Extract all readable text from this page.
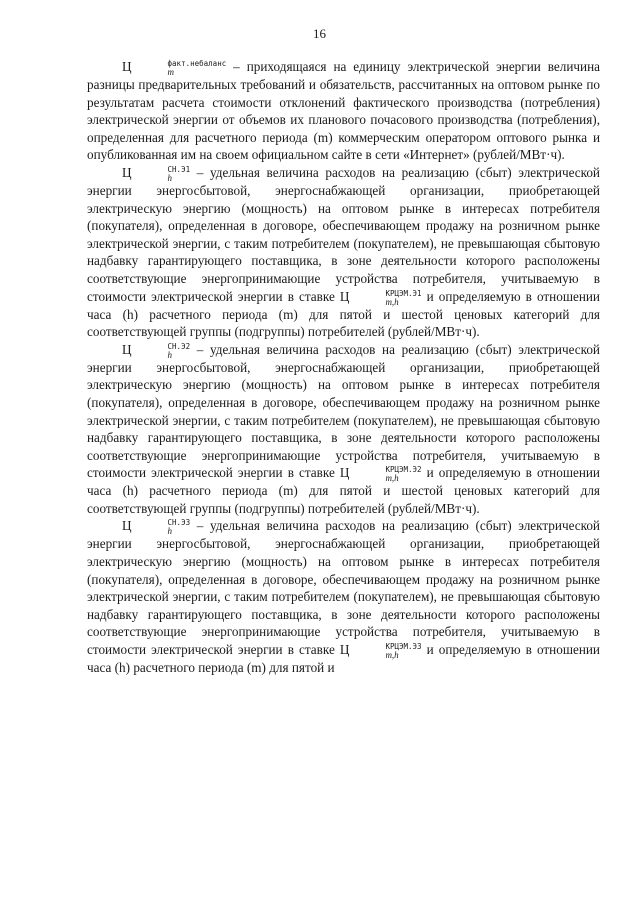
16

Ц	факт.небаланс
m	– приходящаяся на единицу электрической энергии величина разницы предварительных требований и обязательств, рассчитанных на оптовом рынке по результатам расчета стоимости отклонений фактического производства (потребления) электрической энергии от объемов их планового почасового производства (потребления), определенная для расчетного периода (m) коммерческим оператором оптового рынка и опубликованная им на своем официальном сайте в сети «Интернет» (рублей/МВт·ч).

Ц	СН.Э1
h	– удельная величина расходов на реализацию (сбыт) электрической энергии энергосбытовой, энергоснабжающей организации, приобретающей электрическую энергию (мощность) на оптовом рынке в интересах потребителя (покупателя), определенная в договоре, обеспечивающем продажу на розничном рынке электрической энергии, с таким потребителем (покупателем), не превышающая сбытовую надбавку гарантирующего поставщика, в зоне деятельности которого расположены соответствующие энергопринимающие устройства потребителя, учитываемую в стоимости электрической энергии в ставке Ц	КРЦЭМ.Э1
m,h	и определяемую в отношении часа (h) расчетного периода (m) для пятой и шестой ценовых категорий для соответствующей группы (подгруппы) потребителей (рублей/МВт·ч).

Ц	СН.Э2
h	– удельная величина расходов на реализацию (сбыт) электрической энергии энергосбытовой, энергоснабжающей организации, приобретающей электрическую энергию (мощность) на оптовом рынке в интересах потребителя (покупателя), определенная в договоре, обеспечивающем продажу на розничном рынке электрической энергии, с таким потребителем (покупателем), не превышающая сбытовую надбавку гарантирующего поставщика, в зоне деятельности которого расположены соответствующие энергопринимающие устройства потребителя, учитываемую в стоимости электрической энергии в ставке Ц	КРЦЭМ.Э2
m,h	и определяемую в отношении часа (h) расчетного периода (m) для пятой и шестой ценовых категорий для соответствующей группы (подгруппы) потребителей (рублей/МВт·ч).

Ц	СН.Э3
h	– удельная величина расходов на реализацию (сбыт) электрической энергии энергосбытовой, энергоснабжающей организации, приобретающей электрическую энергию (мощность) на оптовом рынке в интересах потребителя (покупателя), определенная в договоре, обеспечивающем продажу на розничном рынке электрической энергии, с таким потребителем (покупателем), не превышающая сбытовую надбавку гарантирующего поставщика, в зоне деятельности которого расположены соответствующие энергопринимающие устройства потребителя, учитываемую в стоимости электрической энергии в ставке Ц	КРЦЭМ.Э3
m,h	и определяемую в отношении часа (h) расчетного периода (m) для пятой и
